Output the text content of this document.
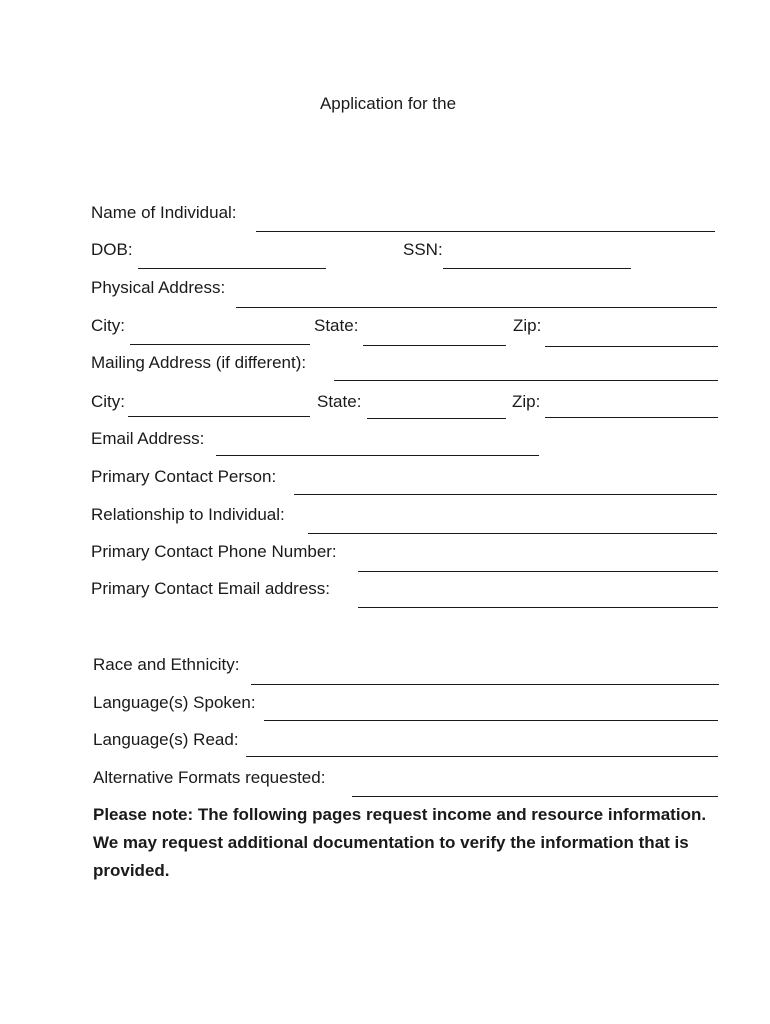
Application for the
Name of Individual:
DOB:	SSN:
Physical Address:
City:	State:	Zip:
Mailing Address (if different):
City:	State:	Zip:
Email Address:
Primary Contact Person:
Relationship to Individual:
Primary Contact Phone Number:
Primary Contact Email address:
Race and Ethnicity:
Language(s) Spoken:
Language(s) Read:
Alternative Formats requested:
Please note: The following pages request income and resource information. We may request additional documentation to verify the information that is provided.
